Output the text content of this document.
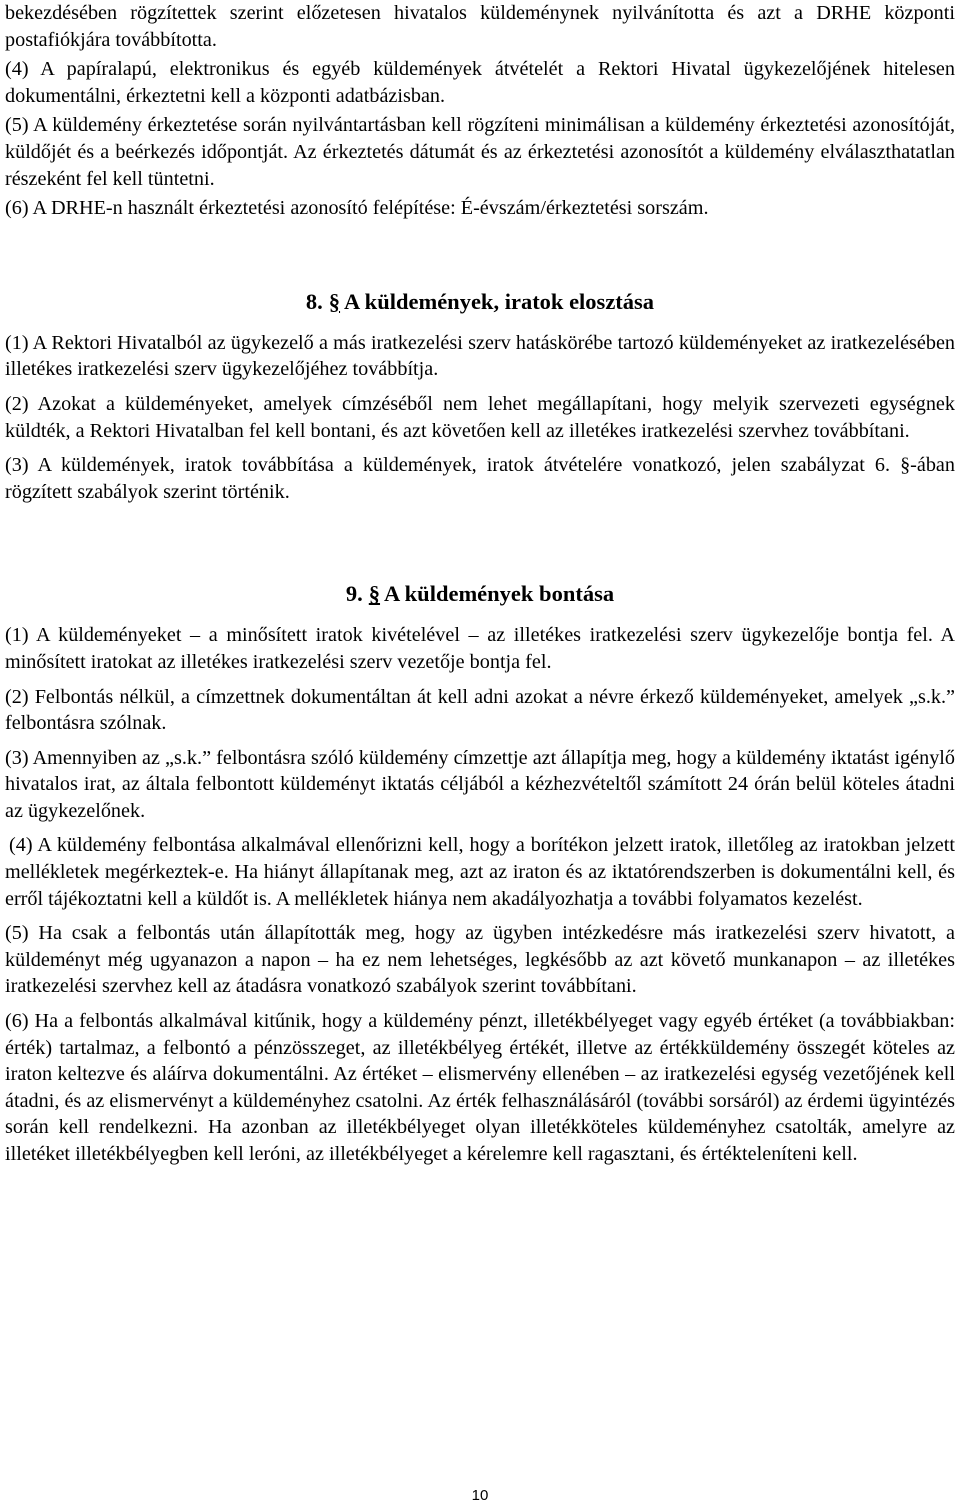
bekezdésében rögzítettek szerint előzetesen hivatalos küldeménynek nyilvánította és azt a DRHE központi postafiókjára továbbította.

(4) A papíralapú, elektronikus és egyéb küldemények átvételét a Rektori Hivatal ügykezelőjének hitelesen dokumentálni, érkeztetni kell a központi adatbázisban.

(5) A küldemény érkeztetése során nyilvántartásban kell rögzíteni minimálisan a küldemény érkeztetési azonosítóját, küldőjét és a beérkezés időpontját. Az érkeztetés dátumát és az érkeztetési azonosítót a küldemény elválaszthatatlan részeként fel kell tüntetni.

(6) A DRHE-n használt érkeztetési azonosító felépítése: É-évszám/érkeztetési sorszám.

8. § A küldemények, iratok elosztása

(1) A Rektori Hivatalból az ügykezelő a más iratkezelési szerv hatáskörébe tartozó küldeményeket az iratkezelésében illetékes iratkezelési szerv ügykezelőjéhez továbbítja.

(2) Azokat a küldeményeket, amelyek címzéséből nem lehet megállapítani, hogy melyik szervezeti egységnek küldték, a Rektori Hivatalban fel kell bontani, és azt követően kell az illetékes iratkezelési szervhez továbbítani.

(3) A küldemények, iratok továbbítása a küldemények, iratok átvételére vonatkozó, jelen szabályzat 6. §-ában rögzített szabályok szerint történik.

9. § A küldemények bontása

(1) A küldeményeket – a minősített iratok kivételével – az illetékes iratkezelési szerv ügykezelője bontja fel. A minősített iratokat az illetékes iratkezelési szerv vezetője bontja fel.

(2) Felbontás nélkül, a címzettnek dokumentáltan át kell adni azokat a névre érkező küldeményeket, amelyek „s.k.” felbontásra szólnak.

(3) Amennyiben az „s.k.” felbontásra szóló küldemény címzettje azt állapítja meg, hogy a küldemény iktatást igénylő hivatalos irat, az általa felbontott küldeményt iktatás céljából a kézhezvételtől számított 24 órán belül köteles átadni az ügykezelőnek.

(4) A küldemény felbontása alkalmával ellenőrizni kell, hogy a borítékon jelzett iratok, illetőleg az iratokban jelzett mellékletek megérkeztek-e. Ha hiányt állapítanak meg, azt az iraton és az iktatórendszerben is dokumentálni kell, és erről tájékoztatni kell a küldőt is. A mellékletek hiánya nem akadályozhatja a további folyamatos kezelést.

(5) Ha csak a felbontás után állapították meg, hogy az ügyben intézkedésre más iratkezelési szerv hivatott, a küldeményt még ugyanazon a napon – ha ez nem lehetséges, legkésőbb az azt követő munkanapon – az illetékes iratkezelési szervhez kell az átadásra vonatkozó szabályok szerint továbbítani.

(6) Ha a felbontás alkalmával kitűnik, hogy a küldemény pénzt, illetékbélyeget vagy egyéb értéket (a továbbiakban: érték) tartalmaz, a felbontó a pénzösszeget, az illetékbélyeg értékét, illetve az értékküldemény összegét köteles az iraton keltezve és aláírva dokumentálni. Az értéket – elismervény ellenében – az iratkezelési egység vezetőjének kell átadni, és az elismervényt a küldeményhez csatolni. Az érték felhasználásáról (további sorsáról) az érdemi ügyintézés során kell rendelkezni. Ha azonban az illetékbélyeget olyan illetékköteles küldeményhez csatolták, amelyre az illetéket illetékbélyegben kell leróni, az illetékbélyeget a kérelemre kell ragasztani, és értékteleníteni kell.

10
